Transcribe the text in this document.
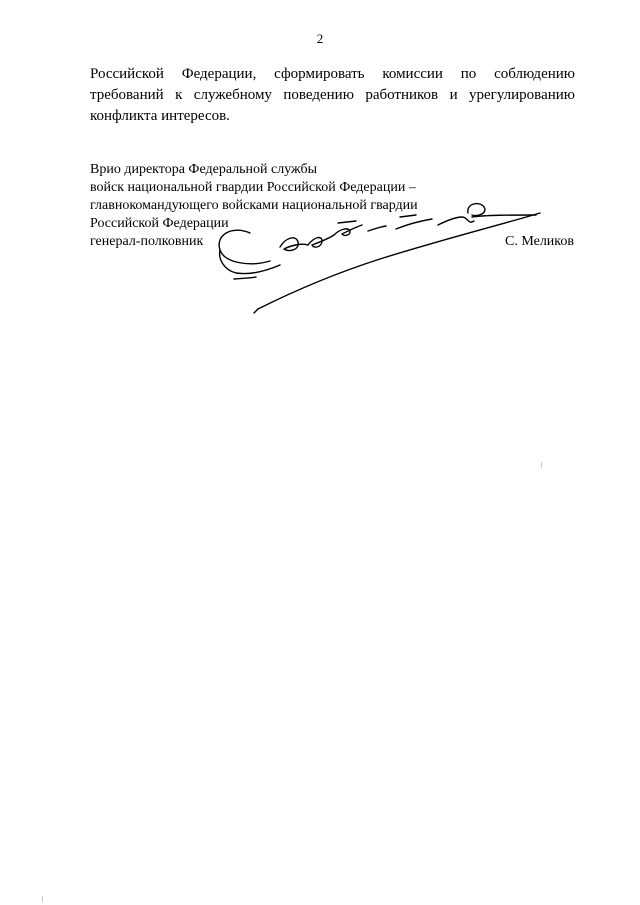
2
Российской Федерации, сформировать комиссии по соблюдению
требований к служебному поведению работников и урегулированию
конфликта интересов.
Врио директора Федеральной службы
войск национальной гвардии Российской Федерации –
главнокомандующего войсками национальной гвардии
Российской Федерации
генерал-полковник	С. Меликов
